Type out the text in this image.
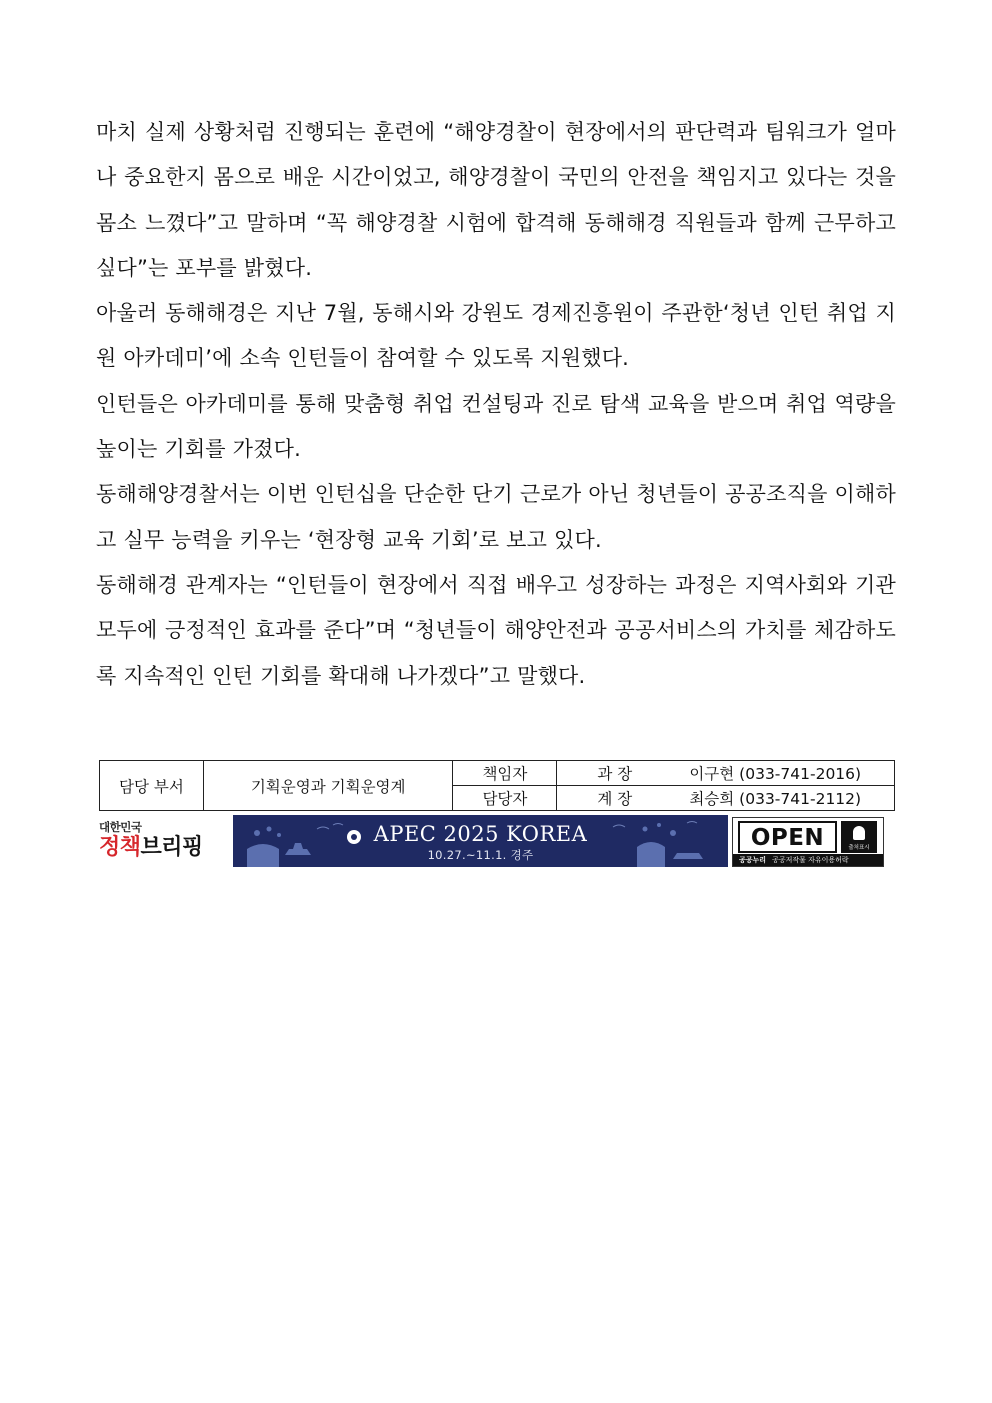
마치 실제 상황처럼 진행되는 훈련에 “해양경찰이 현장에서의 판단력과 팀워크가 얼마나 중요한지 몸으로 배운 시간이었고, 해양경찰이 국민의 안전을 책임지고 있다는 것을 몸소 느꼈다”고 말하며 “꼭 해양경찰 시험에 합격해 동해해경 직원들과 함께 근무하고 싶다”는 포부를 밝혔다.

아울러 동해해경은 지난 7월, 동해시와 강원도 경제진흥원이 주관한‘청년 인턴 취업 지원 아카데미’에 소속 인턴들이 참여할 수 있도록 지원했다.

인턴들은 아카데미를 통해 맞춤형 취업 컨설팅과 진로 탐색 교육을 받으며 취업 역량을 높이는 기회를 가졌다.

동해해양경찰서는 이번 인턴십을 단순한 단기 근로가 아닌 청년들이 공공조직을 이해하고 실무 능력을 키우는 ‘현장형 교육 기회’로 보고 있다.

동해해경 관계자는 “인턴들이 현장에서 직접 배우고 성장하는 과정은 지역사회와 기관 모두에 긍정적인 효과를 준다”며 “청년들이 해양안전과 공공서비스의 가치를 체감하도록 지속적인 인턴 기회를 확대해 나가겠다”고 말했다.

담당 부서	기획운영과 기획운영계	책임자	과 장 이구현 (033-741-2016)
		담당자	계 장 최승희 (033-741-2112)
대한민국
정책브리핑
APEC 2025 KOREA
10.27.~11.1. 경주
OPEN	출처표시
공공누리 공공저작물 자유이용허락
